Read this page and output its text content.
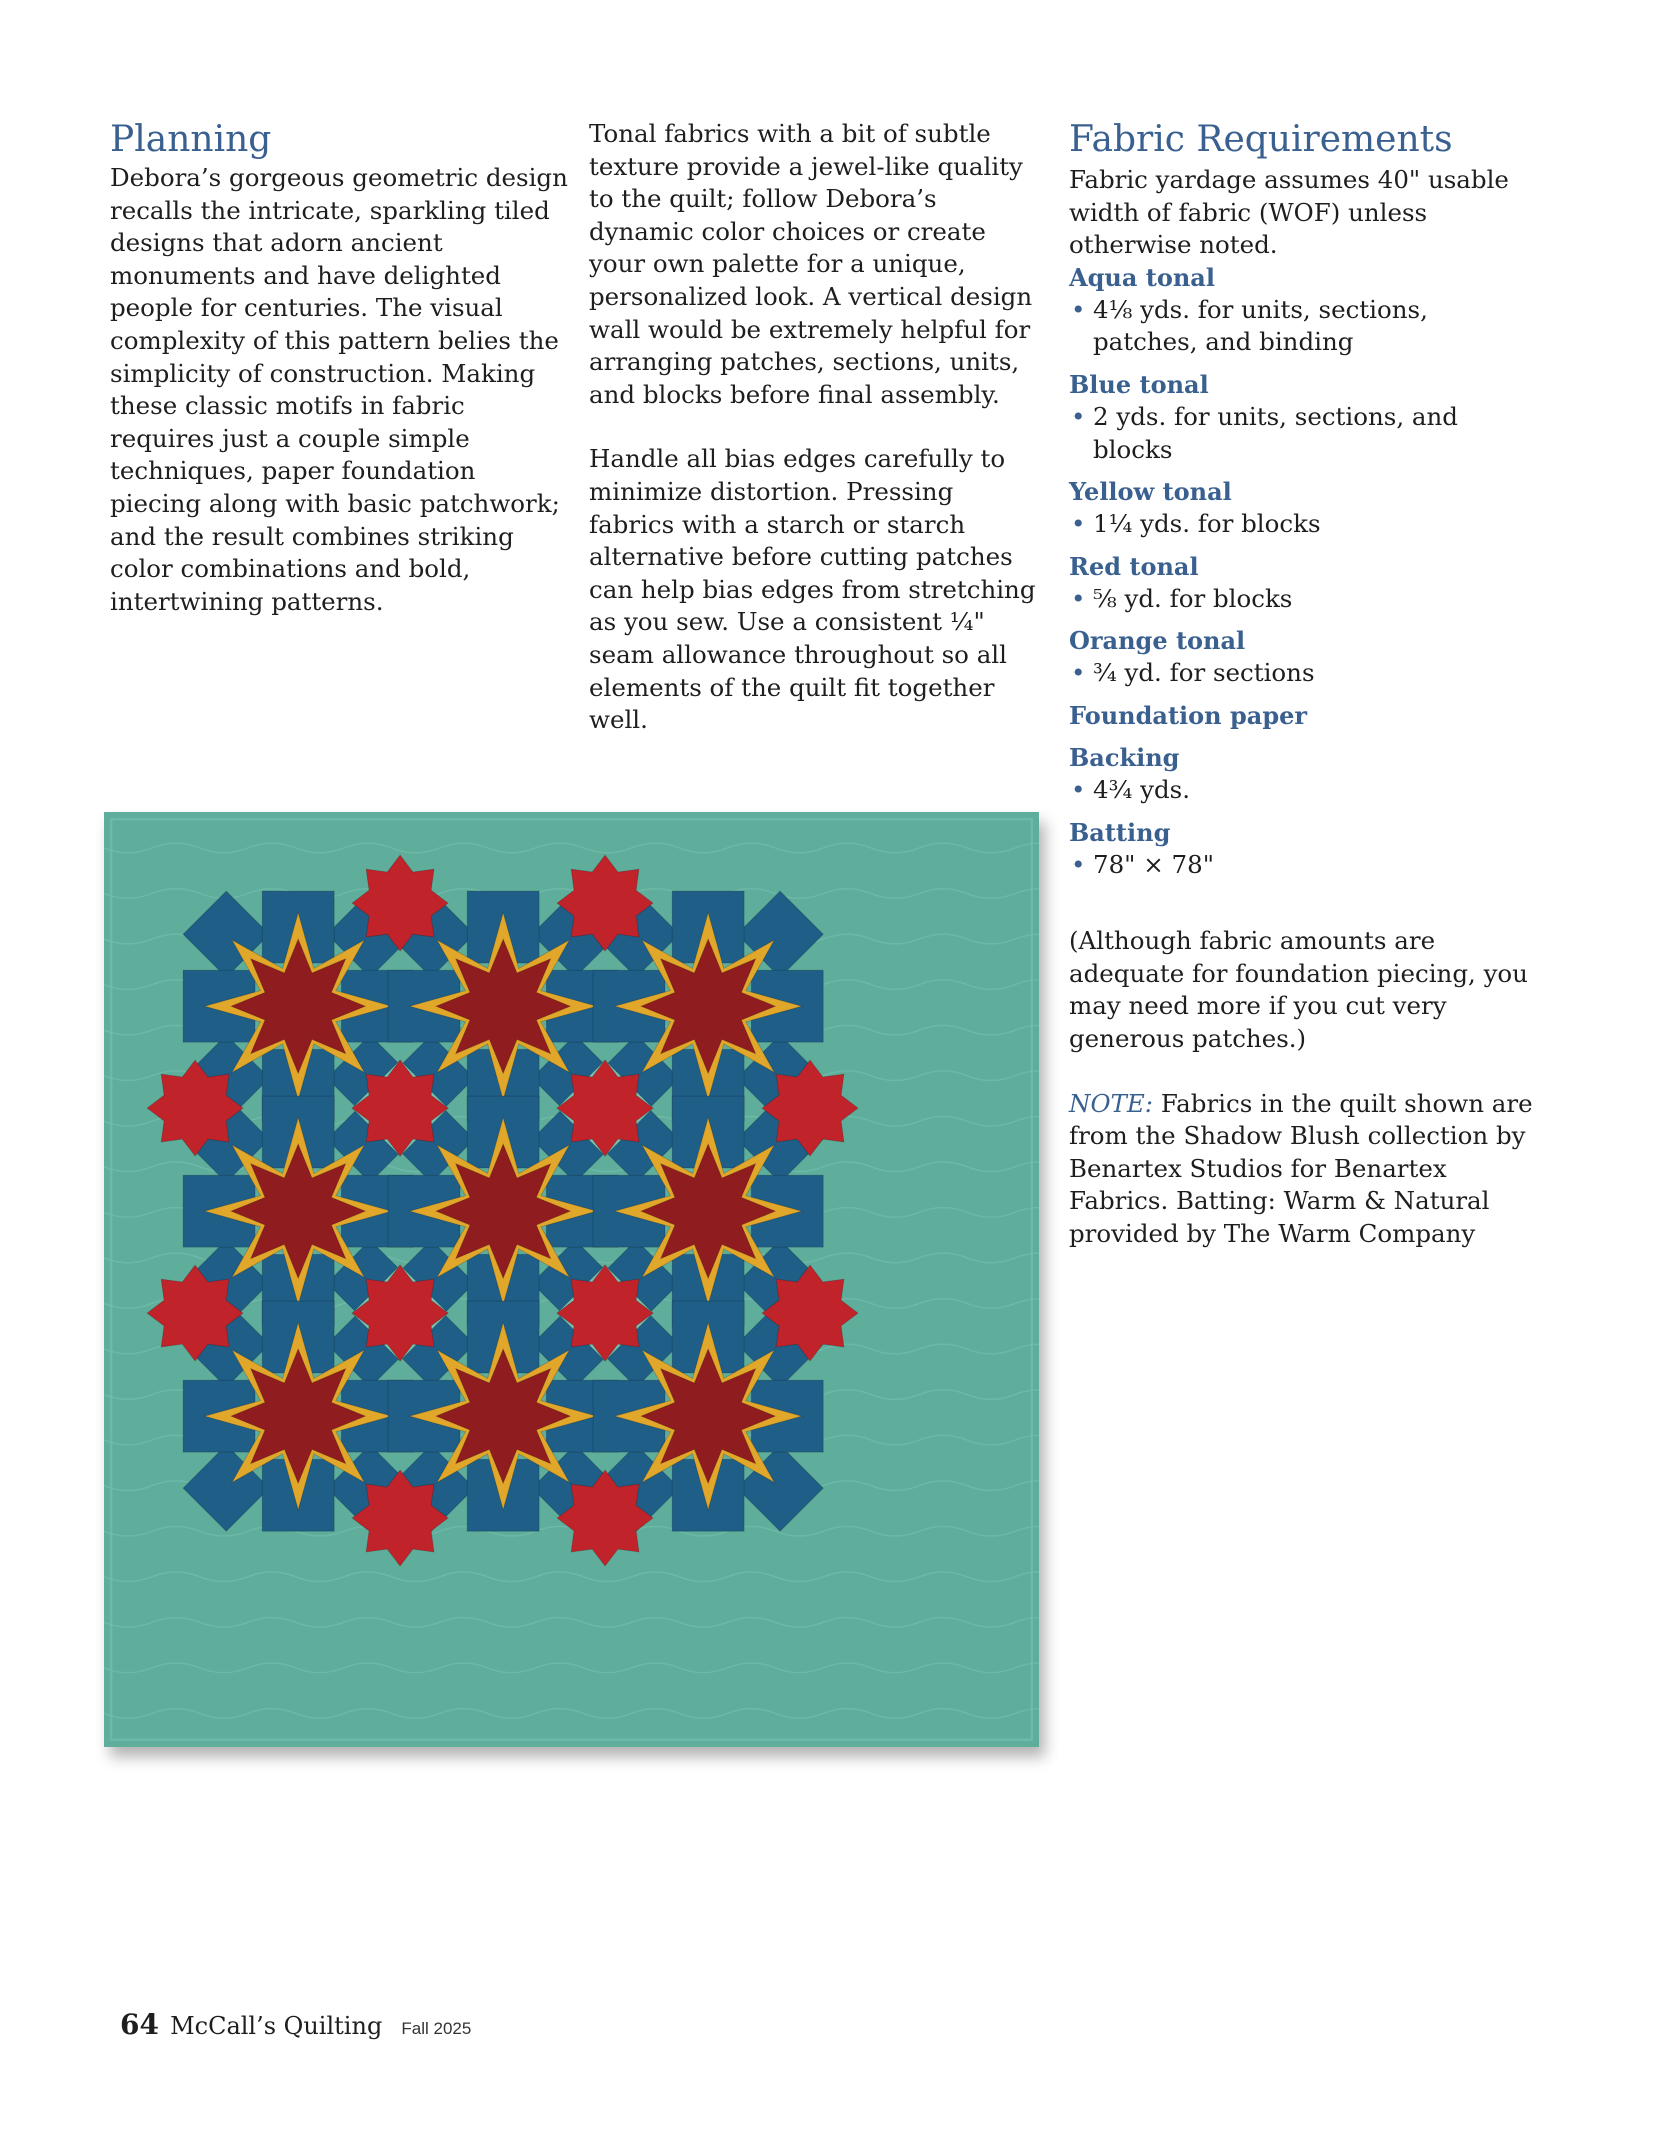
Planning

Debora’s gorgeous geometric design recalls the intricate, sparkling tiled designs that adorn ancient monuments and have delighted people for centuries. The visual complexity of this pattern belies the simplicity of construction. Making these classic motifs in fabric requires just a couple simple techniques, paper foundation piecing along with basic patchwork; and the result combines striking color combinations and bold, intertwining patterns.

Tonal fabrics with a bit of subtle texture provide a jewel-like quality to the quilt; follow Debora’s dynamic color choices or create your own palette for a unique, personalized look. A vertical design wall would be extremely helpful for arranging patches, sections, units, and blocks before final assembly.

Handle all bias edges carefully to minimize distortion. Pressing fabrics with a starch or starch alternative before cutting patches can help bias edges from stretching as you sew. Use a consistent ¼" seam allowance throughout so all elements of the quilt fit together well.

Fabric Requirements

Fabric yardage assumes 40" usable width of fabric (WOF) unless otherwise noted.

Aqua tonal
• 4⅛ yds. for units, sections, patches, and binding
Blue tonal
• 2 yds. for units, sections, and blocks
Yellow tonal
• 1¼ yds. for blocks
Red tonal
• ⅝ yd. for blocks
Orange tonal
• ¾ yd. for sections
Foundation paper
Backing
• 4¾ yds.
Batting
• 78" × 78"

(Although fabric amounts are adequate for foundation piecing, you may need more if you cut very generous patches.)

NOTE: Fabrics in the quilt shown are from the Shadow Blush collection by Benartex Studios for Benartex Fabrics. Batting: Warm & Natural provided by The Warm Company
64 McCall’s Quilting Fall 2025
